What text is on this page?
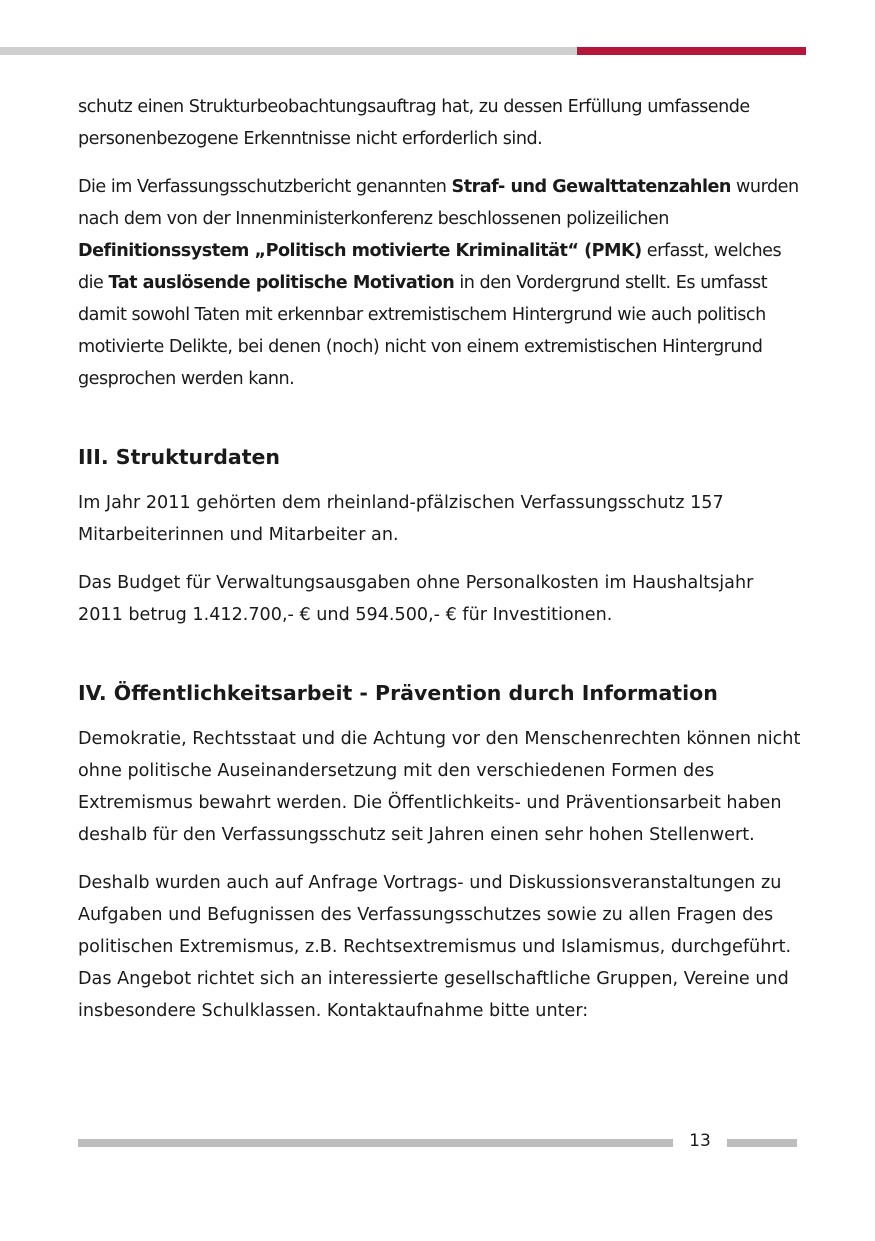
schutz einen Strukturbeobachtungsauftrag hat, zu dessen Erfüllung umfassende personenbezogene Erkenntnisse nicht erforderlich sind.

Die im Verfassungsschutzbericht genannten Straf- und Gewalttatenzahlen wurden nach dem von der Innenministerkonferenz beschlossenen polizeilichen Definitionssystem „Politisch motivierte Kriminalität“ (PMK) erfasst, welches die Tat auslösende politische Motivation in den Vordergrund stellt. Es umfasst damit sowohl Taten mit erkennbar extremistischem Hintergrund wie auch politisch motivierte Delikte, bei denen (noch) nicht von einem extremistischen Hintergrund gesprochen werden kann.

III. Strukturdaten

Im Jahr 2011 gehörten dem rheinland-pfälzischen Verfassungsschutz 157 Mitarbeiterinnen und Mitarbeiter an.

Das Budget für Verwaltungsausgaben ohne Personalkosten im Haushaltsjahr 2011 betrug 1.412.700,- € und 594.500,- € für Investitionen.

IV. Öffentlichkeitsarbeit - Prävention durch Information

Demokratie, Rechtsstaat und die Achtung vor den Menschenrechten können nicht ohne politische Auseinandersetzung mit den verschiedenen Formen des Extremismus bewahrt werden. Die Öffentlichkeits- und Präventionsarbeit haben deshalb für den Verfassungsschutz seit Jahren einen sehr hohen Stellenwert.

Deshalb wurden auch auf Anfrage Vortrags- und Diskussionsveranstaltungen zu Aufgaben und Befugnissen des Verfassungsschutzes sowie zu allen Fragen des politischen Extremismus, z.B. Rechtsextremismus und Islamismus, durchgeführt. Das Angebot richtet sich an interessierte gesellschaftliche Gruppen, Vereine und insbesondere Schulklassen. Kontaktaufnahme bitte unter:

13
